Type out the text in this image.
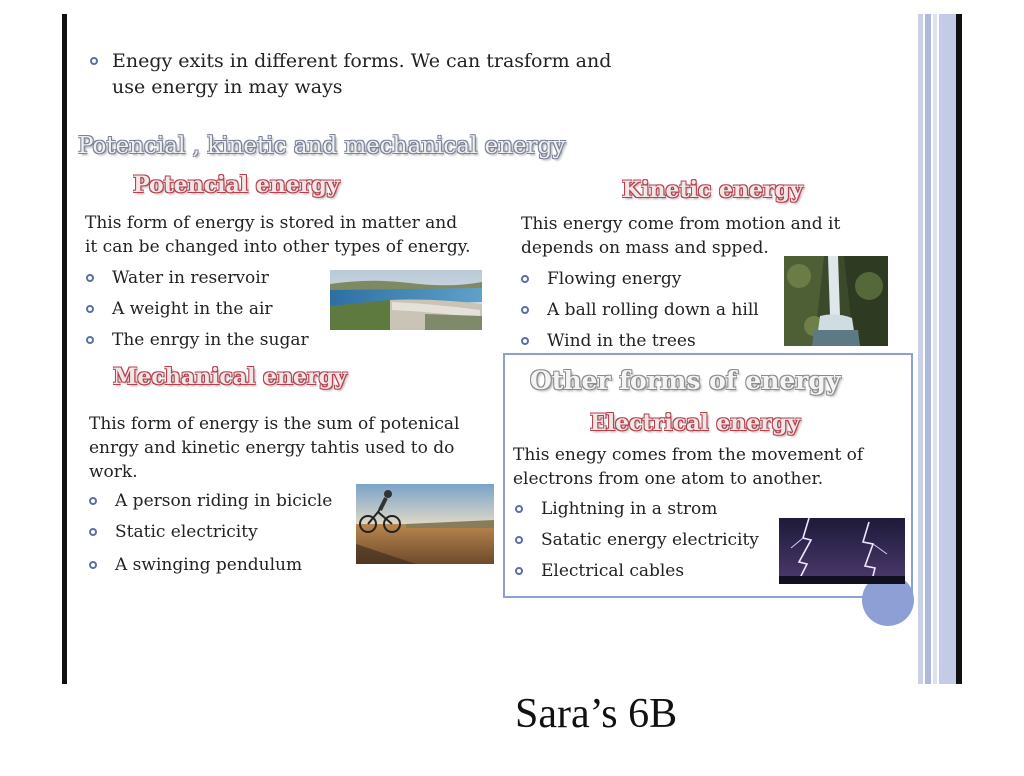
Enegy exits in different forms. We can trasform and
use energy in may ways
Potencial , kinetic and mechanical energy
Potencial energy
This form of energy is stored in matter and
it can be changed into other types of energy.
Water in reservoir
A weight in the air
The enrgy in the sugar
Kinetic energy
This energy come from motion and it
depends on mass and spped.
Flowing energy
A ball rolling down a hill
Wind in the trees
Mechanical energy
This form of energy is the sum of potenical
enrgy and kinetic energy tahtis used to do
work.
A person riding in bicicle
Static electricity
A swinging pendulum
Other forms of energy
Electrical energy
This enegy comes from the movement of
electrons from one atom to another.
Lightning in a strom
Satatic energy electricity
Electrical cables
Sara’s 6B
